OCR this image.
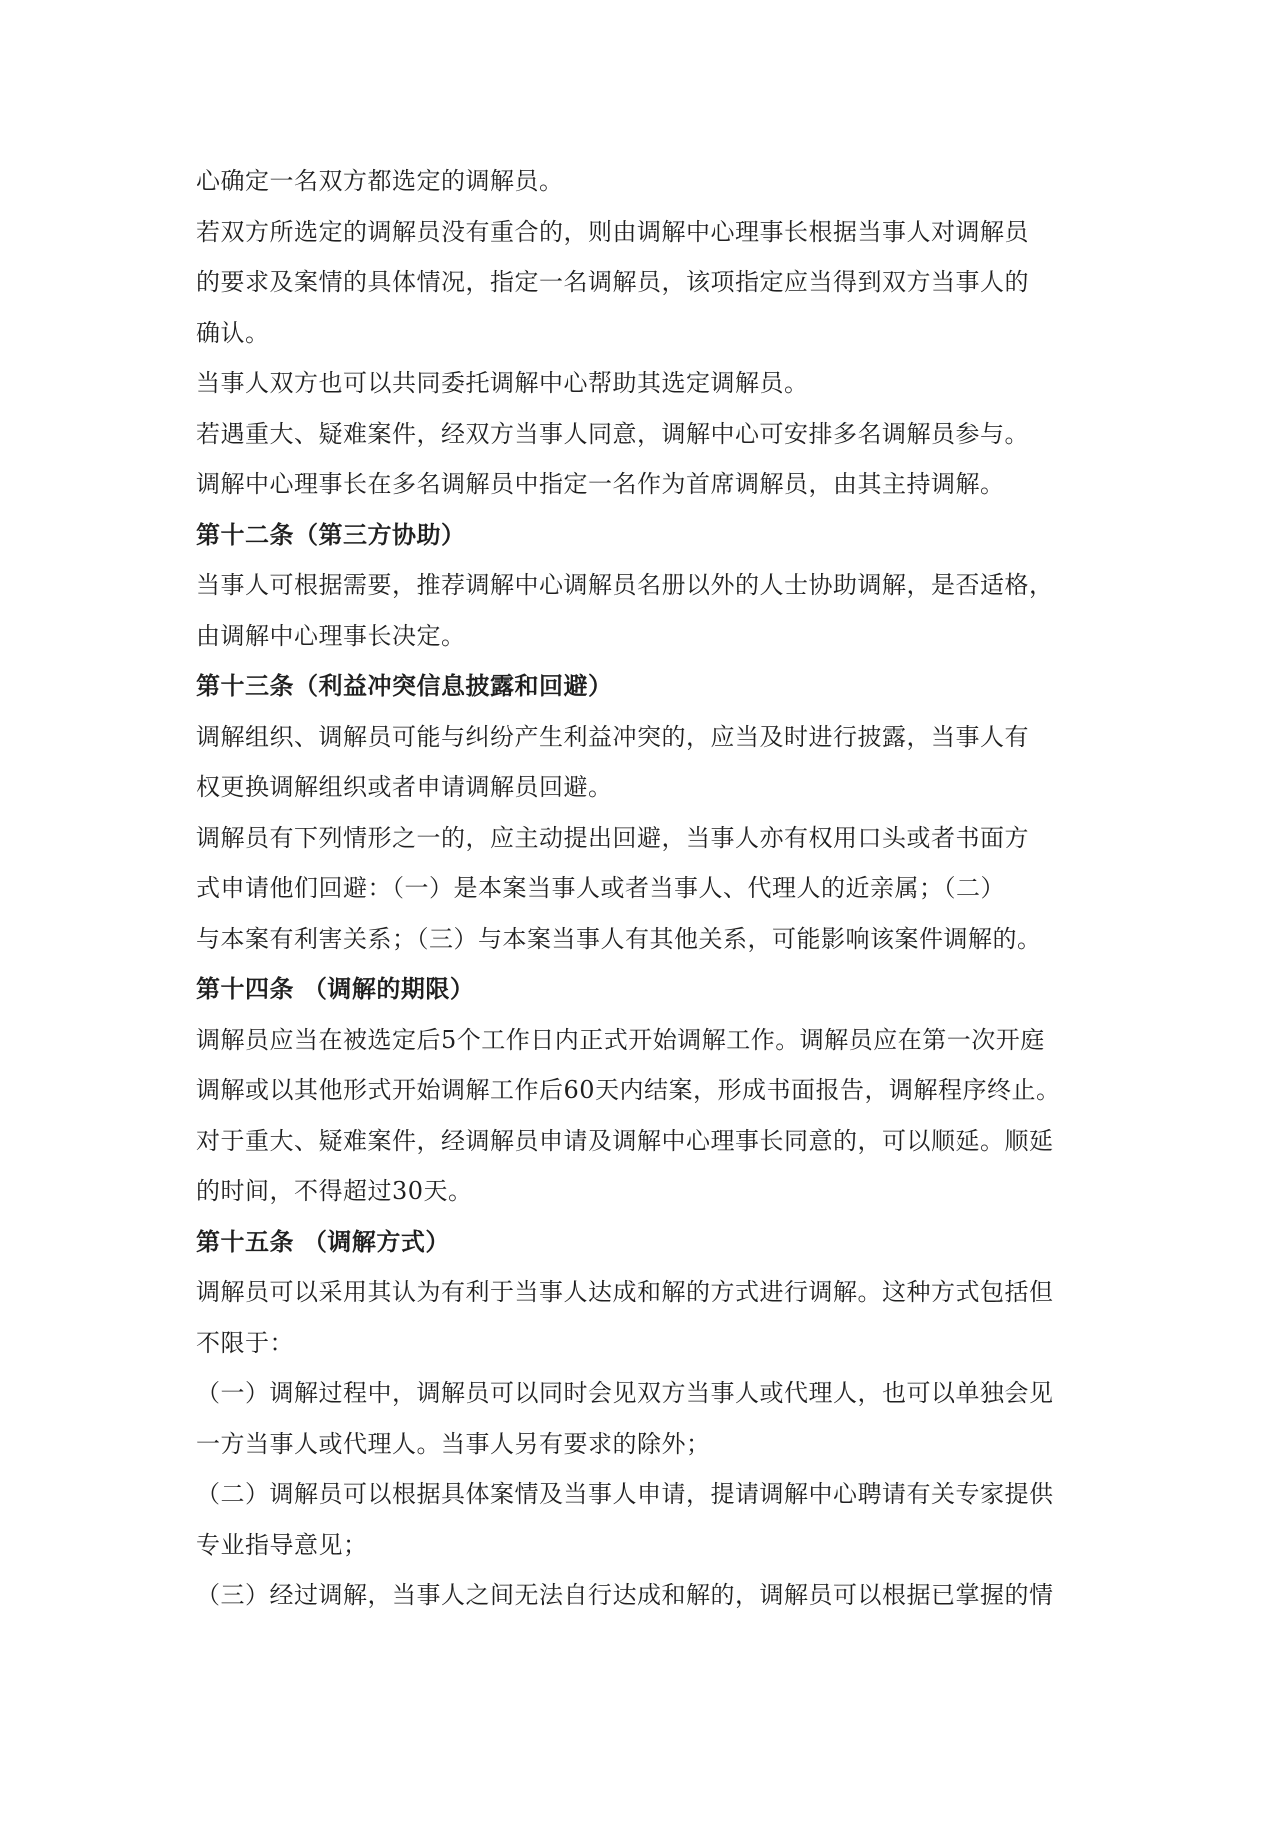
心确定一名双方都选定的调解员。
若双方所选定的调解员没有重合的，则由调解中心理事长根据当事人对调解员
的要求及案情的具体情况，指定一名调解员，该项指定应当得到双方当事人的
确认。
当事人双方也可以共同委托调解中心帮助其选定调解员。
若遇重大、疑难案件，经双方当事人同意，调解中心可安排多名调解员参与。
调解中心理事长在多名调解员中指定一名作为首席调解员，由其主持调解。
第十二条（第三方协助）
当事人可根据需要，推荐调解中心调解员名册以外的人士协助调解，是否适格，
由调解中心理事长决定。
第十三条（利益冲突信息披露和回避）
调解组织、调解员可能与纠纷产生利益冲突的，应当及时进行披露，当事人有
权更换调解组织或者申请调解员回避。
调解员有下列情形之一的，应主动提出回避，当事人亦有权用口头或者书面方
式申请他们回避：（一）是本案当事人或者当事人、代理人的近亲属；（二）
与本案有利害关系；（三）与本案当事人有其他关系，可能影响该案件调解的。
第十四条 （调解的期限）
调解员应当在被选定后5个工作日内正式开始调解工作。调解员应在第一次开庭
调解或以其他形式开始调解工作后60天内结案，形成书面报告，调解程序终止。
对于重大、疑难案件，经调解员申请及调解中心理事长同意的，可以顺延。顺延
的时间，不得超过30天。
第十五条 （调解方式）
调解员可以采用其认为有利于当事人达成和解的方式进行调解。这种方式包括但
不限于：
（一）调解过程中，调解员可以同时会见双方当事人或代理人，也可以单独会见
一方当事人或代理人。当事人另有要求的除外；
（二）调解员可以根据具体案情及当事人申请，提请调解中心聘请有关专家提供
专业指导意见；
（三）经过调解，当事人之间无法自行达成和解的，调解员可以根据已掌握的情
